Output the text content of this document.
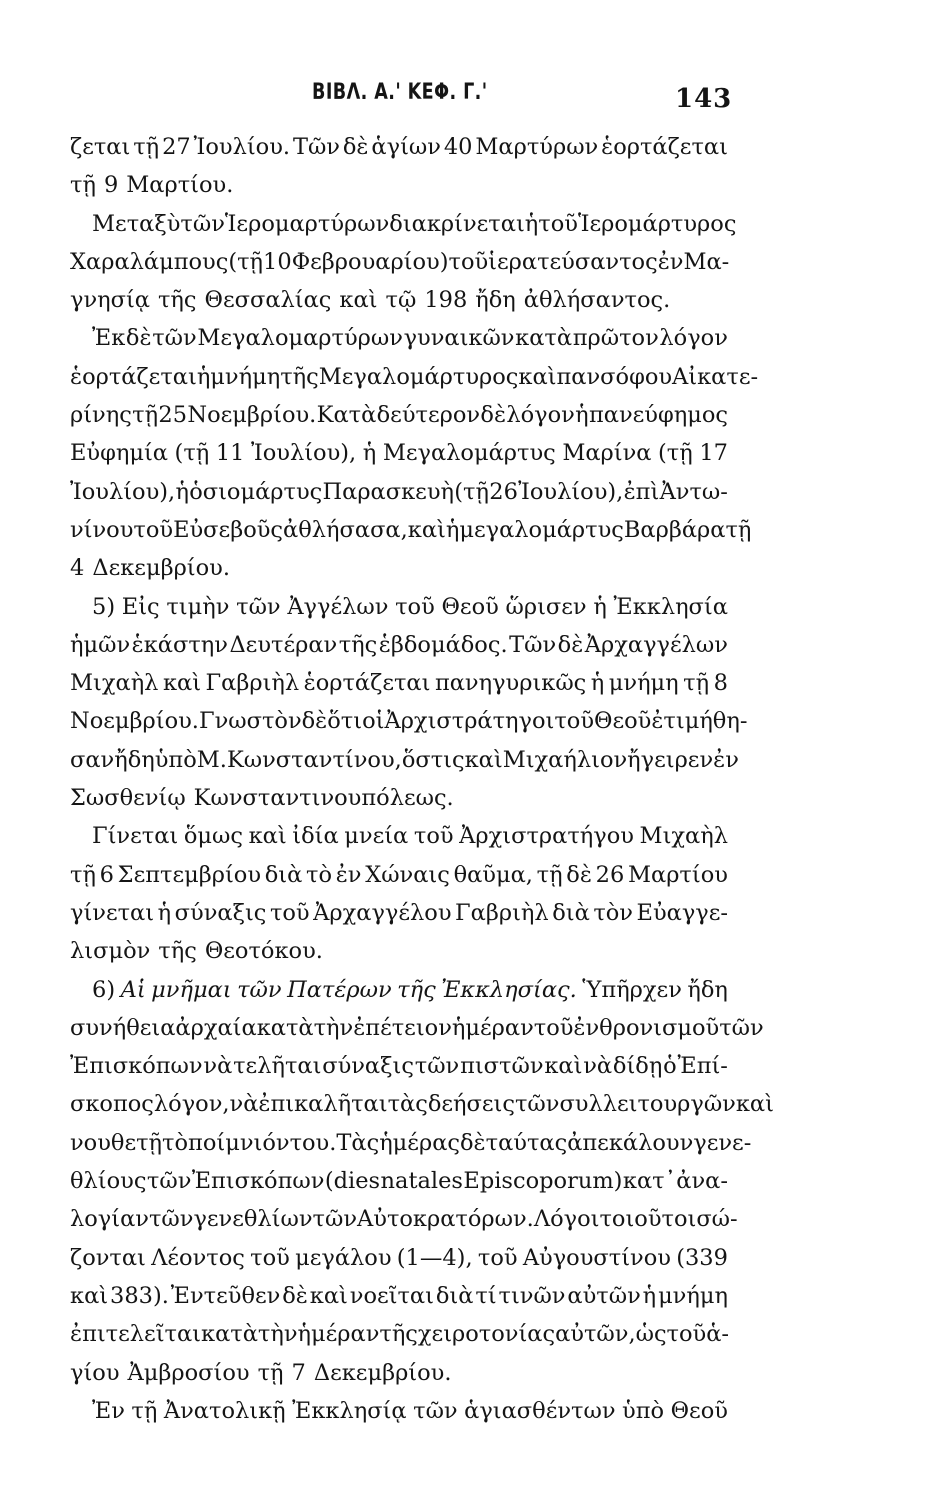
ΒΙΒΛ. Α.' ΚΕΦ. Γ.'	143
ζεται τῇ 27 Ἰουλίου. Τῶν δὲ ἁγίων 40 Μαρτύρων ἑορτάζεται
τῇ 9 Μαρτίου.
Μεταξὺ τῶν Ἱερομαρτύρων διακρίνεται ἡ τοῦ Ἱερομάρτυρος
Χαραλάμπους (τῇ 10 Φεβρουαρίου) τοῦ ἱερατεύσαντος ἐν Μα-
γνησίᾳ τῆς Θεσσαλίας καὶ τῷ 198 ἤδη ἀθλήσαντος.
Ἐκ δὲ τῶν Μεγαλομαρτύρων γυναικῶν κατὰ πρῶτον λόγον
ἑορτάζεται ἡ μνήμη τῆς Μεγαλομάρτυρος καὶ πανσόφου Αἰκατε-
ρίνης τῇ 25 Νοεμβρίου. Κατὰ δεύτερον δὲ λόγον ἡ πανεύφημος
Εὐφημία (τῇ 11 Ἰουλίου), ἡ Μεγαλομάρτυς Μαρίνα (τῇ 17
Ἰουλίου), ἡ ὁσιομάρτυς Παρασκευὴ (τῇ 26 Ἰουλίου), ἐπὶ Ἀντω-
νίνου τοῦ Εὐσεβοῦς ἀθλήσασα, καὶ ἡ μεγαλομάρτυς Βαρβάρα τῇ
4 Δεκεμβρίου.
5) Εἰς τιμὴν τῶν Ἀγγέλων τοῦ Θεοῦ ὥρισεν ἡ Ἐκκλησία
ἡμῶν ἑκάστην Δευτέραν τῆς ἑβδομάδος. Τῶν δὲ Ἀρχαγγέλων
Μιχαὴλ καὶ Γαβριὴλ ἑορτάζεται πανηγυρικῶς ἡ μνήμη τῇ 8
Νοεμβρίου. Γνωστὸν δὲ ὅτι οἱ Ἀρχιστράτηγοι τοῦ Θεοῦ ἐτιμήθη-
σαν ἤδη ὑπὸ Μ. Κωνσταντίνου, ὅστις καὶ Μιχαήλιον ἤγειρεν ἐν
Σωσθενίῳ Κωνσταντινουπόλεως.
Γίνεται ὅμως καὶ ἰδία μνεία τοῦ Ἀρχιστρατήγου Μιχαὴλ
τῇ 6 Σεπτεμβρίου διὰ τὸ ἐν Χώναις θαῦμα, τῇ δὲ 26 Μαρτίου
γίνεται ἡ σύναξις τοῦ Ἀρχαγγέλου Γαβριὴλ διὰ τὸν Εὐαγγε-
λισμὸν τῆς Θεοτόκου.
6) Αἱ μνῆμαι τῶν Πατέρων τῆς Ἐκκλησίας. Ὑπῆρχεν ἤδη
συνήθεια ἀρχαία κατὰ τὴν ἐπέτειον ἡμέραν τοῦ ἐνθρονισμοῦ τῶν
Ἐπισκόπων νὰ τελῆται σύναξις τῶν πιστῶν καὶ νὰ δίδῃ ὁ Ἐπί-
σκοπος λόγον, νὰ ἐπικαλῆται τὰς δεήσεις τῶν συλλειτουργῶν καὶ
νουθετῇ τὸ ποίμνιόν του. Τὰς ἡμέρας δὲ ταύτας ἀπεκάλουν γενε-
θλίους τῶν Ἐπισκόπων (dies natales Episcoporum) κατ᾽ ἀνα-
λογίαν τῶν γενεθλίων τῶν Αὐτοκρατόρων. Λόγοι τοιοῦτοι σώ-
ζονται Λέοντος τοῦ μεγάλου (1—4), τοῦ Αὐγουστίνου (339
καὶ 383). Ἐντεῦθεν δὲ καὶ νοεῖται διὰ τί τινῶν αὐτῶν ἡ μνήμη
ἐπιτελεῖται κατὰ τὴν ἡμέραν τῆς χειροτονίας αὐτῶν, ὡς τοῦ ἁ-
γίου Ἀμβροσίου τῇ 7 Δεκεμβρίου.
Ἐν τῇ Ἀνατολικῇ Ἐκκλησίᾳ τῶν ἁγιασθέντων ὑπὸ Θεοῦ
